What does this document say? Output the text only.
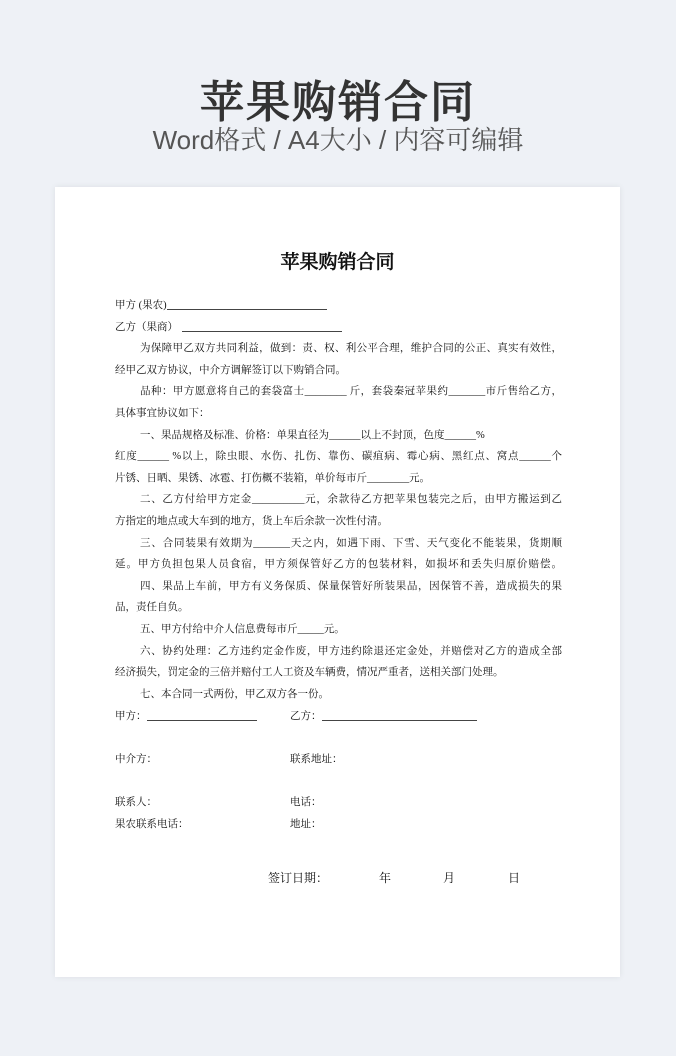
苹果购销合同
Word格式 / A4大小 / 内容可编辑
苹果购销合同
甲方 (果农)
乙方（果商）
为保障甲乙双方共同利益，做到：责、权、利公平合理，维护合同的公正、真实有效性，
经甲乙双方协议，中介方调解签订以下购销合同。
品种：甲方愿意将自己的套袋富士________ 斤，套袋秦冠苹果约_______市斤售给乙方，
具体事宜协议如下：
一、果品规格及标准、价格：单果直径为______以上不封顶，色度______%
红度______ %以上，除虫眼、水伤、扎伤、靠伤、碳疽病、霉心病、黑红点、窝点______个
片锈、日晒、果锈、冰雹、打伤概不装箱，单价每市斤________元。
二、乙方付给甲方定金__________元，余款待乙方把苹果包装完之后，由甲方搬运到乙
方指定的地点或大车到的地方，货上车后余款一次性付清。
三、合同装果有效期为_______天之内，如遇下雨、下雪、天气变化不能装果，货期顺
延。甲方负担包果人员食宿，甲方须保管好乙方的包装材料，如损坏和丢失归原价赔偿。
四、果品上车前，甲方有义务保质、保量保管好所装果品，因保管不善，造成损失的果
品，责任自负。
五、甲方付给中介人信息费每市斤_____元。
六、协约处理：乙方违约定金作废，甲方违约除退还定金处，并赔偿对乙方的造成全部
经济损失，罚定金的三倍并赔付工人工资及车辆费，情况严重者，送相关部门处理。
七、本合同一式两份，甲乙双方各一份。
甲方：	乙方：
中介方：	联系地址：
联系人：	电话：
果农联系电话：	地址：
签订日期：	年	月	日
